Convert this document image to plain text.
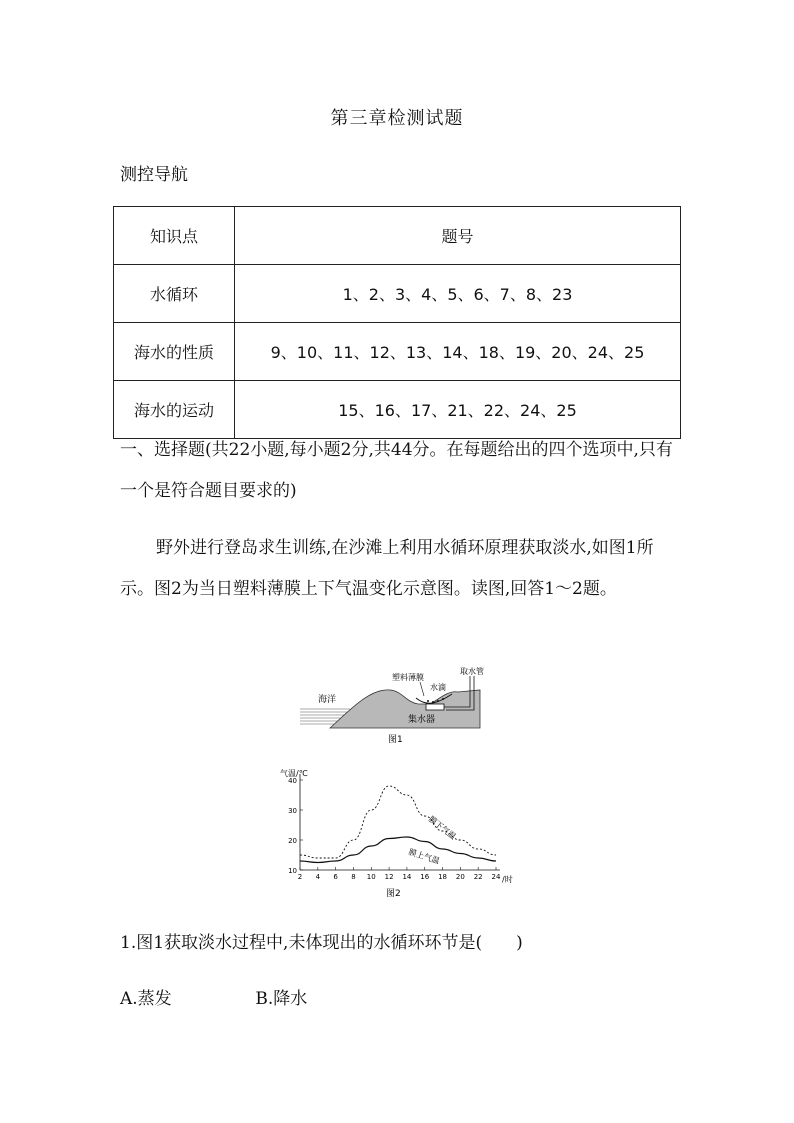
第三章检测试题
测控导航
知识点	题号
水循环	1、2、3、4、5、6、7、8、23
海水的性质	9、10、11、12、13、14、18、19、20、24、25
海水的运动	15、16、17、21、22、24、25
一、选择题(共22小题,每小题2分,共44分。在每题给出的四个选项中,只有一个是符合题目要求的)
野外进行登岛求生训练,在沙滩上利用水循环原理获取淡水,如图1所示。图2为当日塑料薄膜上下气温变化示意图。读图,回答1～2题。
海洋
塑料薄膜
水滴
取水管
集水器
图1
气温/℃
/时
膜下气温
膜上气温
图2
10
20
30
40
2 4 6 8 10 12 14 16 18 20 22 24
1.图1获取淡水过程中,未体现出的水循环环节是(　　)
A.蒸发	B.降水
